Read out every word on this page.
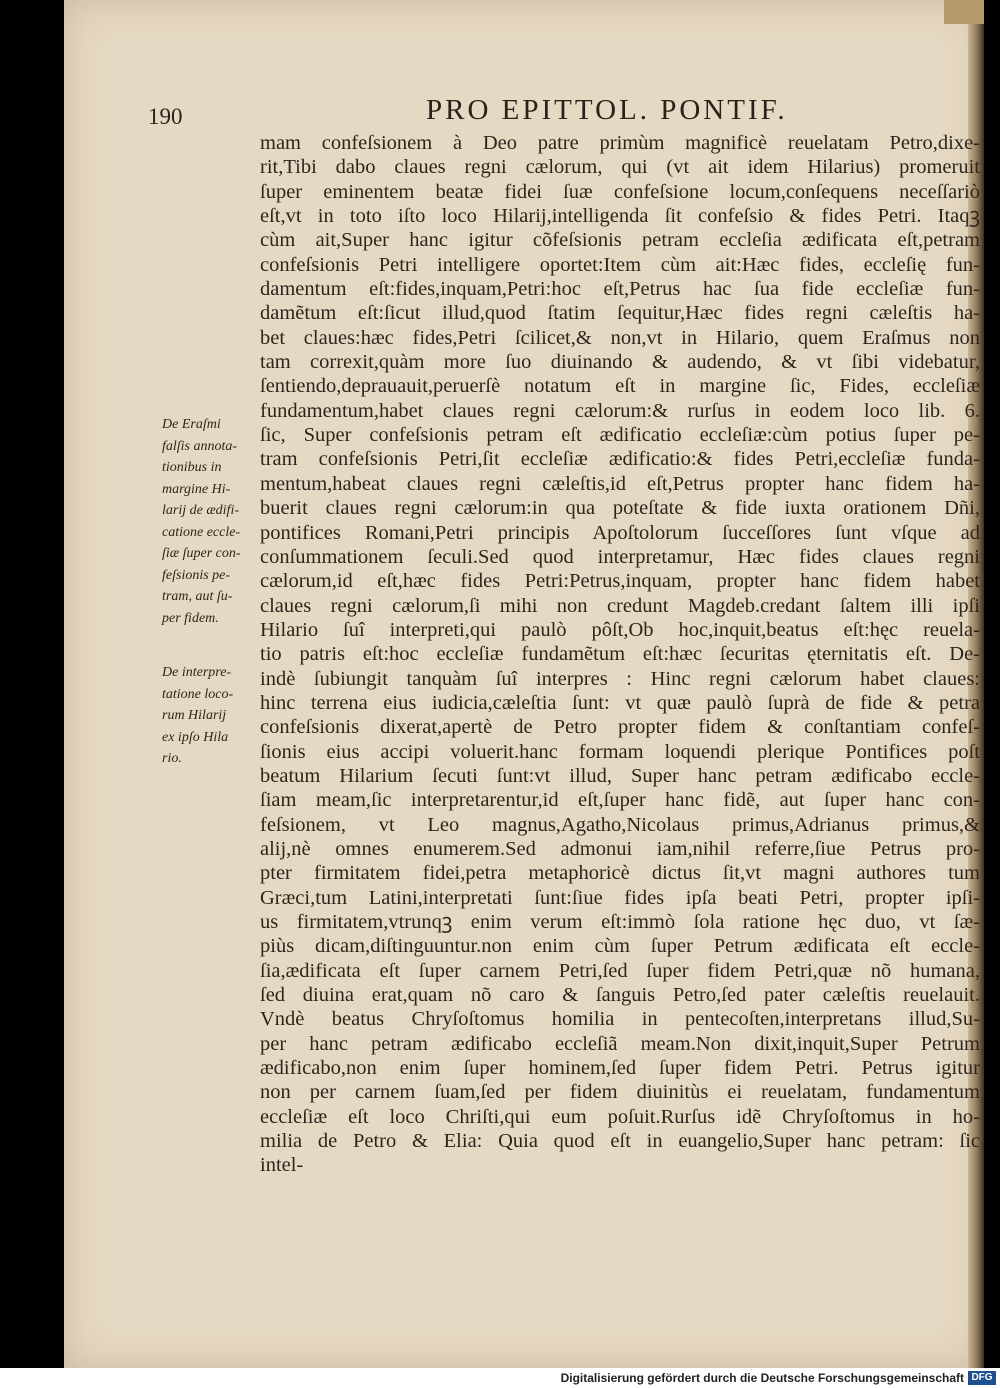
190	PRO EPITTOL. PONTIF.
De Eraſmi
falſis annota-
tionibus in
margine Hi-
larij de ædifi-
catione eccle-
ſiæ ſuper con-
feſsionis pe-
tram, aut ſu-
per fidem.
De interpre-
tatione loco-
rum Hilarij
ex ipſo Hila
rio.
mam confeſsionem à Deo patre primùm magnificè reuelatam Petro,dixe-
rit,Tibi dabo claues regni cælorum, qui (vt ait idem Hilarius) promeruit
ſuper eminentem beatæ fidei ſuæ confeſsione locum,conſequens neceſſariò
eſt,vt in toto iſto loco Hilarij,intelligenda ſit confeſsio & fides Petri. Itaqꝫ
cùm ait,Super hanc igitur cõfeſsionis petram eccleſia ædificata eſt,petram
confeſsionis Petri intelligere oportet:Item cùm ait:Hæc fides, eccleſię fun-
damentum eſt:fides,inquam,Petri:hoc eſt,Petrus hac ſua fide eccleſiæ fun-
damẽtum eſt:ſicut illud,quod ſtatim ſequitur,Hæc fides regni cæleſtis ha-
bet claues:hæc fides,Petri ſcilicet,& non,vt in Hilario, quem Eraſmus non
tam correxit,quàm more ſuo diuinando & audendo, & vt ſibi videbatur,
ſentiendo,deprauauit,peruerſè notatum eſt in margine ſic, Fides, eccleſiæ
fundamentum,habet claues regni cælorum:& rurſus in eodem loco lib. 6.
ſic, Super confeſsionis petram eſt ædificatio eccleſiæ:cùm potius ſuper pe-
tram confeſsionis Petri,ſit eccleſiæ ædificatio:& fides Petri,eccleſiæ funda-
mentum,habeat claues regni cæleſtis,id eſt,Petrus propter hanc fidem ha-
buerit claues regni cælorum:in qua poteſtate & fide iuxta orationem Dñi,
pontifices Romani,Petri principis Apoſtolorum ſucceſſores ſunt vſque ad
conſummationem ſeculi.Sed quod interpretamur, Hæc fides claues regni
cælorum,id eſt,hæc fides Petri:Petrus,inquam, propter hanc fidem habet
claues regni cælorum,ſi mihi non credunt Magdeb.credant ſaltem illi ipſi
Hilario ſuî interpreti,qui paulò pôſt,Ob hoc,inquit,beatus eſt:hęc reuela-
tio patris eſt:hoc eccleſiæ fundamẽtum eſt:hæc ſecuritas ęternitatis eſt. De-
indè ſubiungit tanquàm ſuî interpres : Hinc regni cælorum habet claues:
hinc terrena eius iudicia,cæleſtia ſunt: vt quæ paulò ſuprà de fide & petra
confeſsionis dixerat,apertè de Petro propter fidem & conſtantiam confeſ-
ſionis eius accipi voluerit.hanc formam loquendi plerique Pontifices poſt
beatum Hilarium ſecuti ſunt:vt illud, Super hanc petram ædificabo eccle-
ſiam meam,ſic interpretarentur,id eſt,ſuper hanc fidẽ, aut ſuper hanc con-
feſsionem, vt Leo magnus,Agatho,Nicolaus primus,Adrianus primus,&
alij,nè omnes enumerem.Sed admonui iam,nihil referre,ſiue Petrus pro-
pter firmitatem fidei,petra metaphoricè dictus ſit,vt magni authores tum
Græci,tum Latini,interpretati ſunt:ſiue fides ipſa beati Petri, propter ipſi-
us firmitatem,vtrunqꝫ enim verum eſt:immò ſola ratione hęc duo, vt ſæ-
piùs dicam,diſtinguuntur.non enim cùm ſuper Petrum ædificata eſt eccle-
ſia,ædificata eſt ſuper carnem Petri,ſed ſuper fidem Petri,quæ nõ humana,
ſed diuina erat,quam nõ caro & ſanguis Petro,ſed pater cæleſtis reuelauit.
Vndè beatus Chryſoſtomus homilia in pentecoſten,interpretans illud,Su-
per hanc petram ædificabo eccleſiã meam.Non dixit,inquit,Super Petrum
ædificabo,non enim ſuper hominem,ſed ſuper fidem Petri. Petrus igitur
non per carnem ſuam,ſed per fidem diuinitùs ei reuelatam, fundamentum
eccleſiæ eſt loco Chriſti,qui eum poſuit.Rurſus idẽ Chryſoſtomus in ho-
milia de Petro & Elia: Quia quod eſt in euangelio,Super hanc petram: ſic
intel-
Digitalisierung gefördert durch die Deutsche Forschungsgemeinschaft DFG
